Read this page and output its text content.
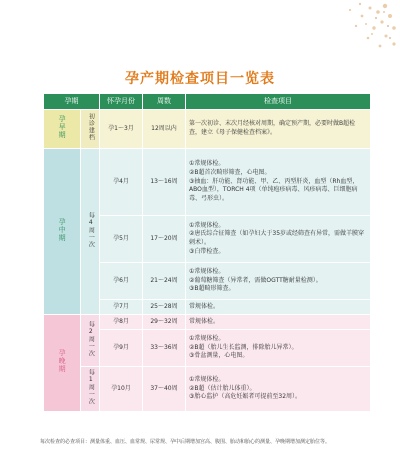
孕产期检查项目一览表
孕期		怀孕月份	周数	检查项目
孕早期	初诊建档	孕1～3月	12周以内	第一次初诊、末次月经核对周期，确定预产期，必要时做B超检查，建立《母子保健检查档案》。

孕中期	每4周一次	孕4月	13～16周	①常规体检。
②B超首次畸形筛查，心电图。
③抽血：肝功能、肾功能、甲、乙、丙型肝炎，血型（Rh血型，ABO血型），TORCH 4项（单纯疱疹病毒、风疹病毒、巨细胞病毒、弓形虫）。

		孕5月	17～20周	①常规体检。
②唐氏综合征筛查（如孕妇大于35岁或经筛查有异常，需做羊膜穿刺术）。
③白带检查。

		孕6月	21～24周	①常规体检。
②葡萄糖筛查（异常者，需做OGTT糖耐量检测）。
③B超畸形筛查。

		孕7月	25～28周	常规体检。

孕晚期	每2周一次	孕8月	29～32周	常规体检。

		孕9月	33～36周	①常规体检。
②B超（胎儿生长监测，排除胎儿异常）。
③骨盆测量，心电图。

	每1周一次	孕10月	37～40周	①常规体检。
②B超（估计胎儿体重）。
③胎心监护（高危妊娠者可提前至32周）。
每次检查的必查项目：测量体重、血压、血常规、尿常规、孕中后期增加宫高、腹围、胎动和胎心的测量、孕晚期增加测定胎位等。
